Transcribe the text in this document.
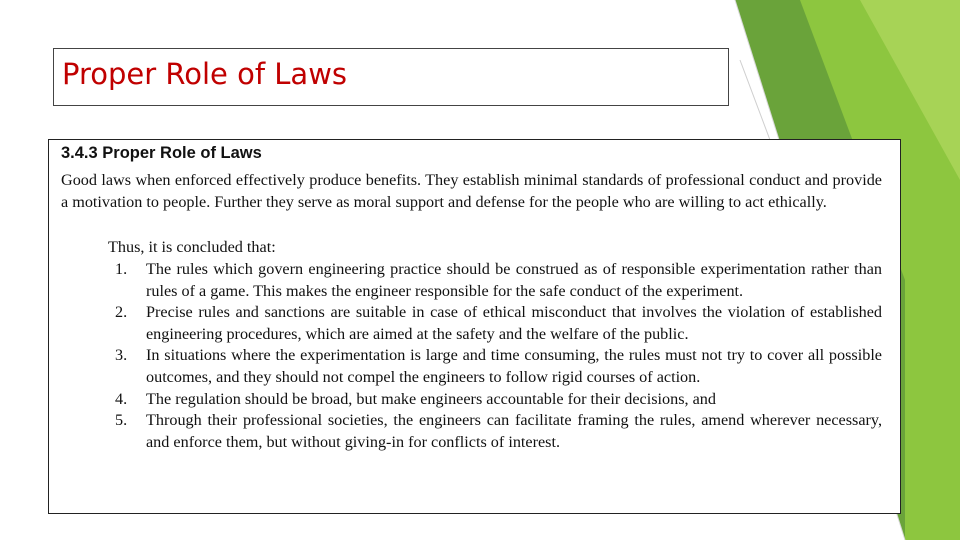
Proper Role of Laws
3.4.3 Proper Role of Laws

Good laws when enforced effectively produce benefits. They establish minimal standards of professional conduct and provide a motivation to people. Further they serve as moral support and defense for the people who are willing to act ethically.

Thus, it is concluded that:
1. The rules which govern engineering practice should be construed as of responsible experimentation rather than rules of a game. This makes the engineer responsible for the safe conduct of the experiment.
2. Precise rules and sanctions are suitable in case of ethical misconduct that involves the violation of established engineering procedures, which are aimed at the safety and the welfare of the public.
3. In situations where the experimentation is large and time consuming, the rules must not try to cover all possible outcomes, and they should not compel the engineers to follow rigid courses of action.
4. The regulation should be broad, but make engineers accountable for their decisions, and
5. Through their professional societies, the engineers can facilitate framing the rules, amend wherever necessary, and enforce them, but without giving-in for conflicts of interest.
